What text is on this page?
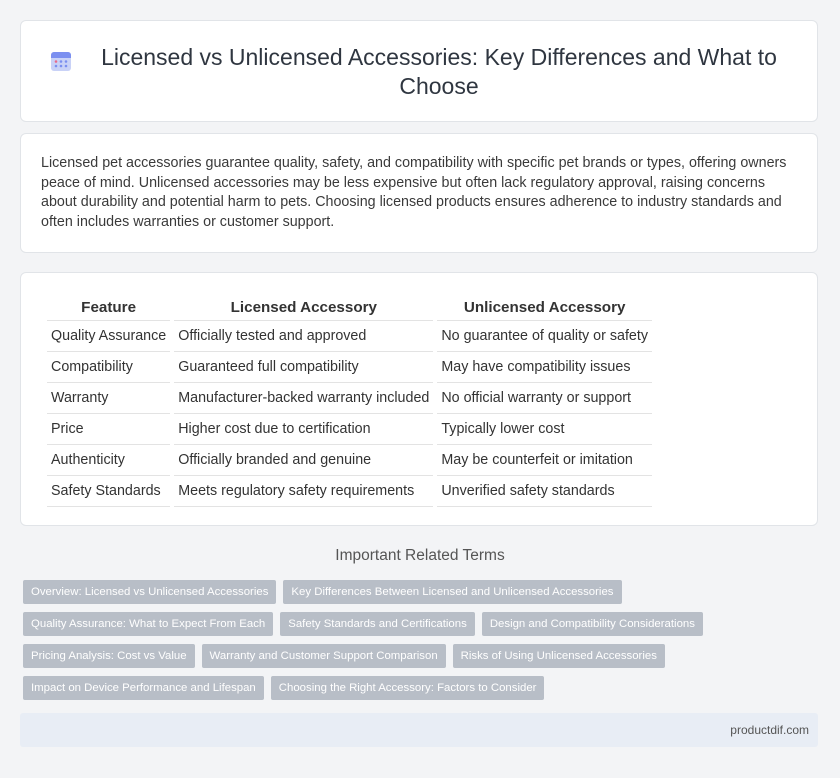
Licensed vs Unlicensed Accessories: Key Differences and What to Choose

Licensed pet accessories guarantee quality, safety, and compatibility with specific pet brands or types, offering owners peace of mind. Unlicensed accessories may be less expensive but often lack regulatory approval, raising concerns about durability and potential harm to pets. Choosing licensed products ensures adherence to industry standards and often includes warranties or customer support.

Feature	Licensed Accessory	Unlicensed Accessory
Quality Assurance	Officially tested and approved	No guarantee of quality or safety
Compatibility	Guaranteed full compatibility	May have compatibility issues
Warranty	Manufacturer-backed warranty included	No official warranty or support
Price	Higher cost due to certification	Typically lower cost
Authenticity	Officially branded and genuine	May be counterfeit or imitation
Safety Standards	Meets regulatory safety requirements	Unverified safety standards
Important Related Terms
Overview: Licensed vs Unlicensed Accessories	Key Differences Between Licensed and Unlicensed Accessories
Quality Assurance: What to Expect From Each	Safety Standards and Certifications	Design and Compatibility Considerations
Pricing Analysis: Cost vs Value	Warranty and Customer Support Comparison	Risks of Using Unlicensed Accessories
Impact on Device Performance and Lifespan	Choosing the Right Accessory: Factors to Consider
productdif.com
